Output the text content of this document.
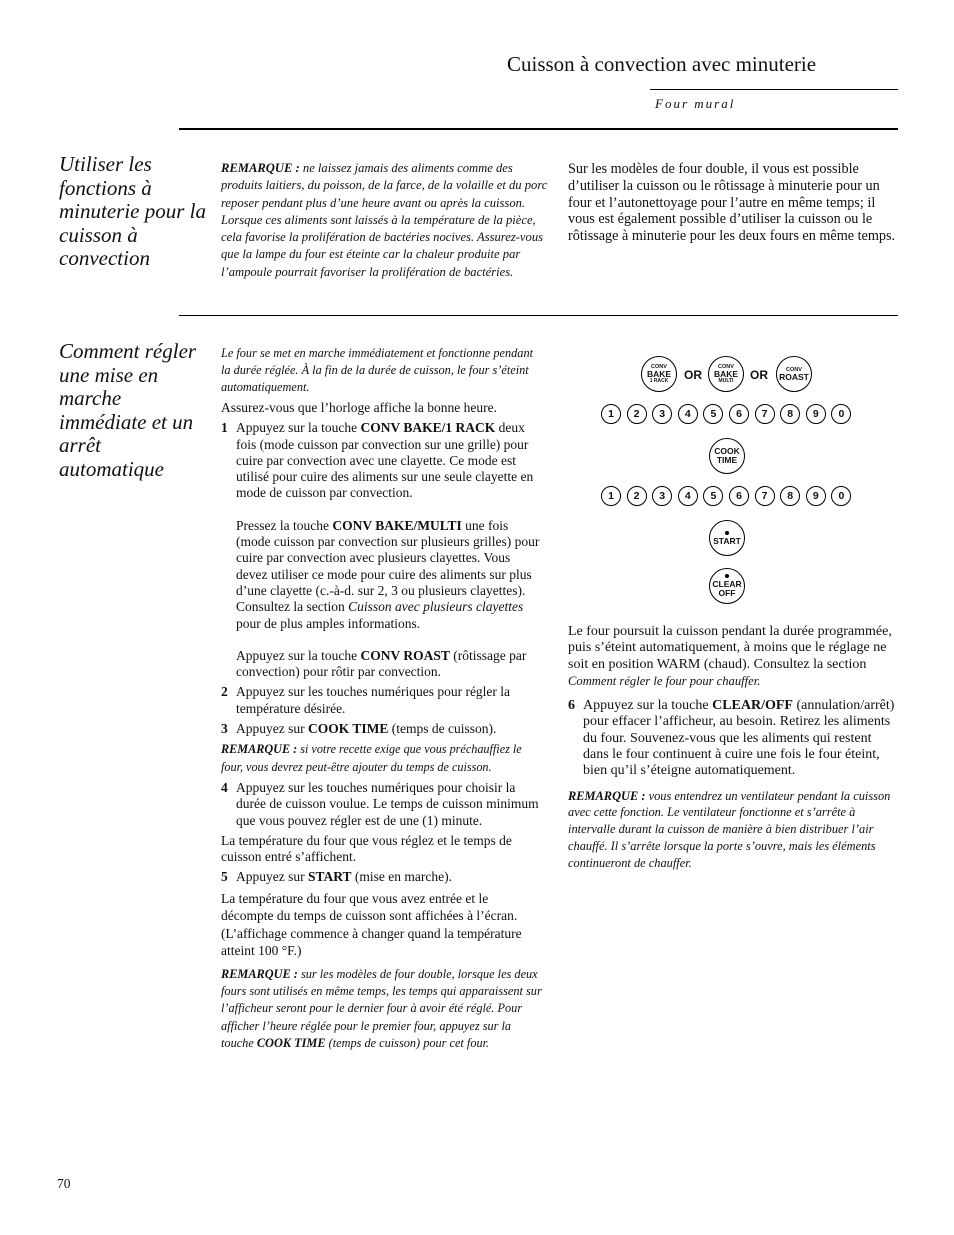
Cuisson à convection avec minuterie
Four mural
Utiliser les fonctions à minuterie pour la cuisson à convection
REMARQUE : ne laissez jamais des aliments comme des produits laitiers, du poisson, de la farce, de la volaille et du porc reposer pendant plus d’une heure avant ou après la cuisson. Lorsque ces aliments sont laissés à la température de la pièce, cela favorise la prolifération de bactéries nocives. Assurez-vous que la lampe du four est éteinte car la chaleur produite par l’ampoule pourrait favoriser la prolifération de bactéries.
Sur les modèles de four double, il vous est possible d’utiliser la cuisson ou le rôtissage à minuterie pour un four et l’autonettoyage pour l’autre en même temps; il vous est également possible d’utiliser la cuisson ou le rôtissage à minuterie pour les deux fours en même temps.
Comment régler une mise en marche immédiate et un arrêt automatique

Le four se met en marche immédiatement et fonctionne pendant la durée réglée. À la fin de la durée de cuisson, le four s’éteint automatiquement.

Assurez-vous que l’horloge affiche la bonne heure.

1 Appuyez sur la touche CONV BAKE/1 RACK deux fois (mode cuisson par convection sur une grille) pour cuire par convection avec une clayette. Ce mode est utilisé pour cuire des aliments sur une seule clayette en mode de cuisson par convection.
Pressez la touche CONV BAKE/MULTI une fois (mode cuisson par convection sur plusieurs grilles) pour cuire par convection avec plusieurs clayettes. Vous devez utiliser ce mode pour cuire des aliments sur plus d’une clayette (c.-à-d. sur 2, 3 ou plusieurs clayettes). Consultez la section Cuisson avec plusieurs clayettes pour de plus amples informations.
Appuyez sur la touche CONV ROAST (rôtissage par convection) pour rôtir par convection.
2 Appuyez sur les touches numériques pour régler la température désirée.
3 Appuyez sur COOK TIME (temps de cuisson).

REMARQUE : si votre recette exige que vous préchauffiez le four, vous devrez peut-être ajouter du temps de cuisson.

4 Appuyez sur les touches numériques pour choisir la durée de cuisson voulue. Le temps de cuisson minimum que vous pouvez régler est de une (1) minute.

La température du four que vous réglez et le temps de cuisson entré s’affichent.

5 Appuyez sur START (mise en marche).

La température du four que vous avez entrée et le décompte du temps de cuisson sont affichées à l’écran. (L’affichage commence à changer quand la température atteint 100 °F.)

REMARQUE : sur les modèles de four double, lorsque les deux fours sont utilisés en même temps, les temps qui apparaissent sur l’afficheur seront pour le dernier four à avoir été réglé. Pour afficher l’heure réglée pour le premier four, appuyez sur la touche COOK TIME (temps de cuisson) pour cet four.

CONV
BAKE
1 RACK OR
CONV
BAKE
MULTI OR	CONV
ROAST
1	2	3	4	5	6	7	8	9	0
COOK
TIME
1	2	3	4	5	6	7	8	9	0
START
CLEAR
OFF

Le four poursuit la cuisson pendant la durée programmée, puis s’éteint automatiquement, à moins que le réglage ne soit en position WARM (chaud). Consultez la section Comment régler le four pour chauffer.

6 Appuyez sur la touche CLEAR/OFF (annulation/arrêt) pour effacer l’afficheur, au besoin. Retirez les aliments du four. Souvenez-vous que les aliments qui restent dans le four continuent à cuire une fois le four éteint, bien qu’il s’éteigne automatiquement.

REMARQUE : vous entendrez un ventilateur pendant la cuisson avec cette fonction. Le ventilateur fonctionne et s’arrête à intervalle durant la cuisson de manière à bien distribuer l’air chauffé. Il s’arrête lorsque la porte s’ouvre, mais les éléments continueront de chauffer.

70
